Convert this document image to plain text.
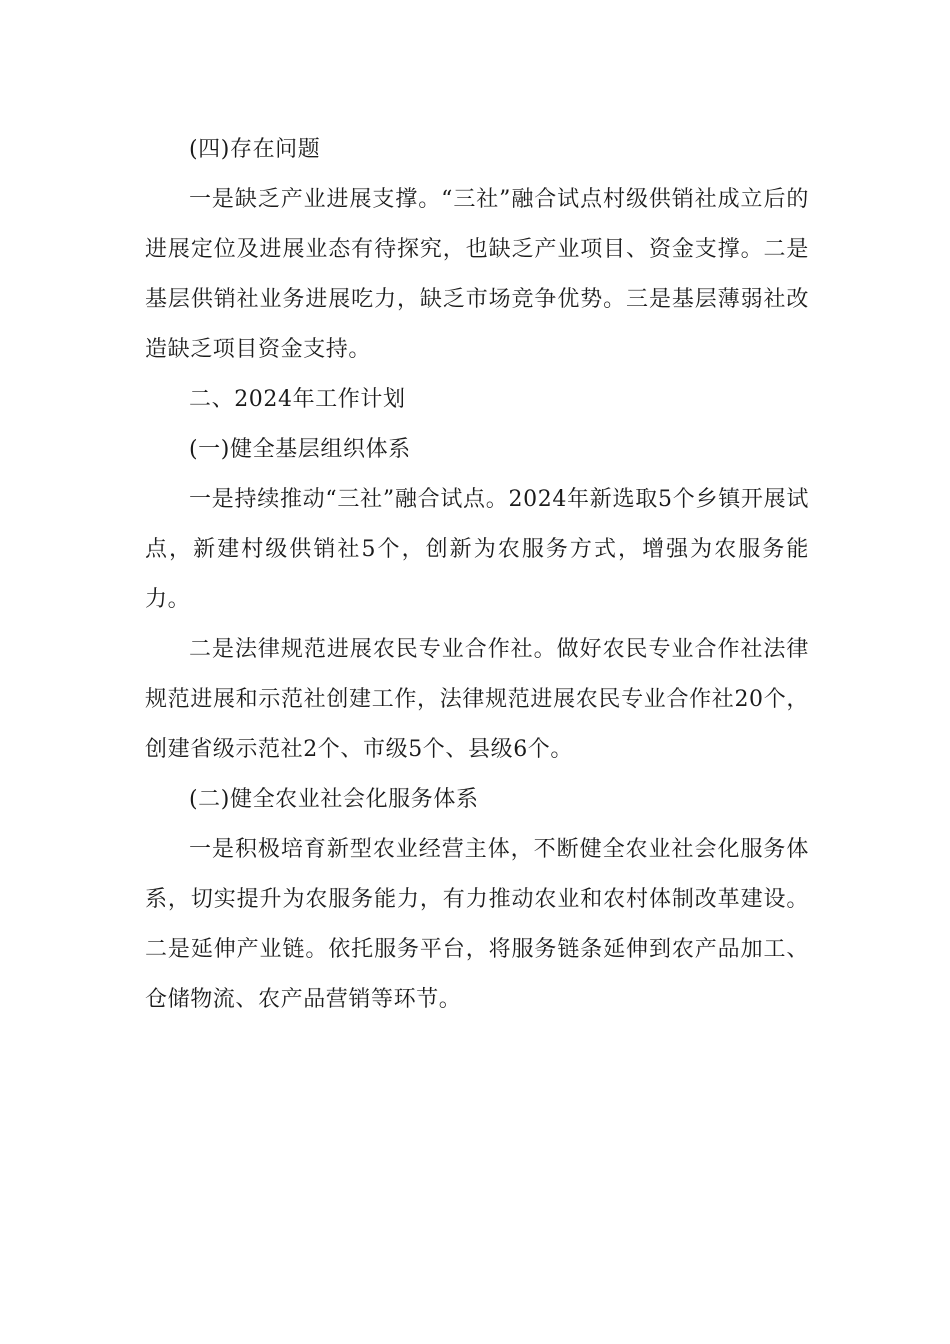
(四)存在问题

一是缺乏产业进展支撑。“三社”融合试点村级供销社成立后的进展定位及进展业态有待探究，也缺乏产业项目、资金支撑。二是基层供销社业务进展吃力，缺乏市场竞争优势。三是基层薄弱社改造缺乏项目资金支持。

二、2024年工作计划

(一)健全基层组织体系

一是持续推动“三社”融合试点。2024年新选取5个乡镇开展试点，新建村级供销社5个，创新为农服务方式，增强为农服务能力。

二是法律规范进展农民专业合作社。做好农民专业合作社法律规范进展和示范社创建工作，法律规范进展农民专业合作社20个，创建省级示范社2个、市级5个、县级6个。

(二)健全农业社会化服务体系

一是积极培育新型农业经营主体，不断健全农业社会化服务体系，切实提升为农服务能力，有力推动农业和农村体制改革建设。二是延伸产业链。依托服务平台，将服务链条延伸到农产品加工、仓储物流、农产品营销等环节。
